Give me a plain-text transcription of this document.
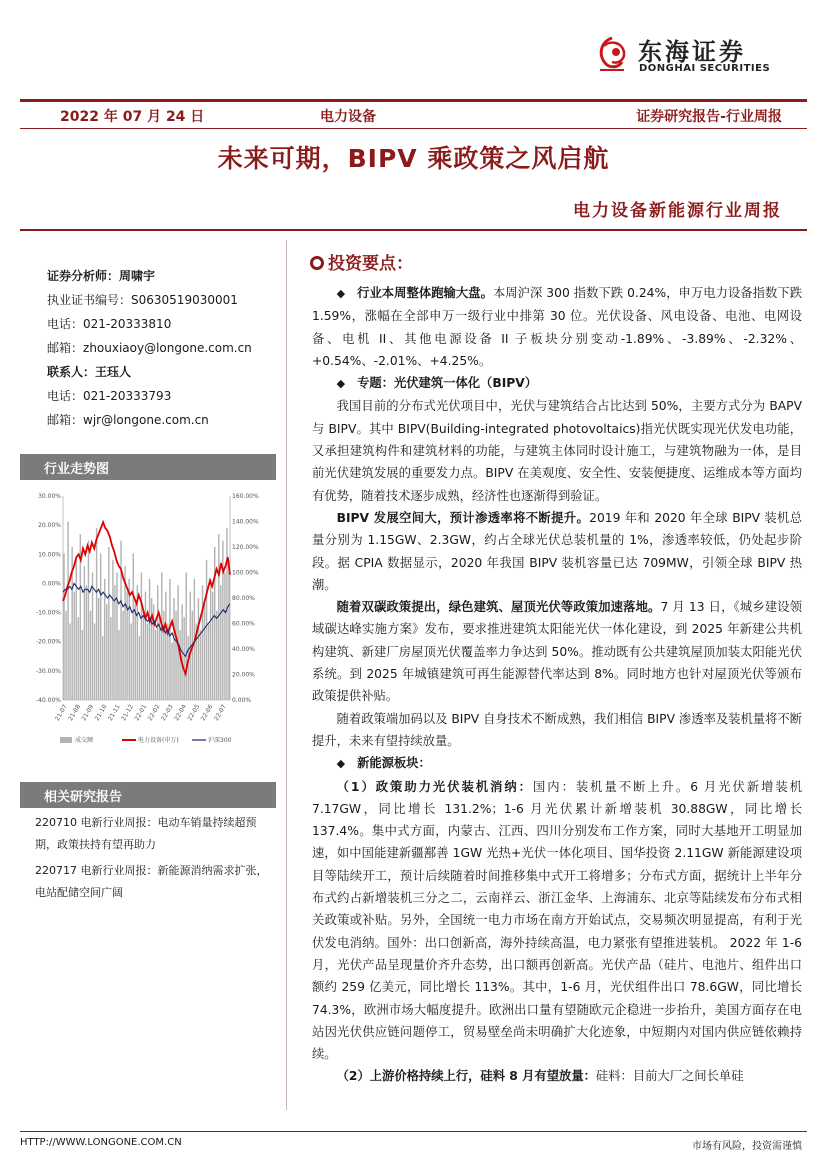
东海证券
DONGHAI SECURITIES
2022 年 07 月 24 日	电力设备	证券研究报告-行业周报
未来可期，BIPV 乘政策之风启航
电力设备新能源行业周报
证券分析师：周啸宇
执业证书编号：S0630519030001
电话：021-20333810
邮箱：zhouxiaoy@longone.com.cn
联系人：王珏人
电话：021-20333793
邮箱：wjr@longone.com.cn
行业走势图
30.00%
20.00%
10.00%
0.00%
-10.00%
-20.00%
-30.00%
-40.00%
160.00%
140.00%
120.00%
100.00%
80.00%
60.00%
40.00%
20.00%
0.00%
21-07
21-08
21-09
21-10
21-11
21-12
22-01
22-02
22-03
22-04
22-05
22-06
22-07
成交额	电力设备(申万)	沪深300
相关研究报告
220710 电新行业周报：电动车销量持续超预期，政策扶持有望再助力
220717 电新行业周报：新能源消纳需求扩张，电站配储空间广阔
投资要点：

◆ 行业本周整体跑输大盘。本周沪深 300 指数下跌 0.24%，申万电力设备指数下跌 1.59%，涨幅在全部申万一级行业中排第 30 位。光伏设备、风电设备、电池、电网设备、电机 II、其他电源设备 II 子板块分别变动-1.89%、-3.89%、-2.32%、+0.54%、-2.01%、+4.25%。

◆ 专题：光伏建筑一体化（BIPV）

我国目前的分布式光伏项目中，光伏与建筑结合占比达到 50%，主要方式分为 BAPV 与 BIPV。其中 BIPV(Building-integrated photovoltaics)指光伏既实现光伏发电功能，又承担建筑构件和建筑材料的功能，与建筑主体同时设计施工，与建筑物融为一体，是目前光伏建筑发展的重要发力点。BIPV 在美观度、安全性、安装便捷度、运维成本等方面均有优势，随着技术逐步成熟，经济性也逐渐得到验证。

BIPV 发展空间大，预计渗透率将不断提升。2019 年和 2020 年全球 BIPV 装机总量分别为 1.15GW、2.3GW，约占全球光伏总装机量的 1%，渗透率较低，仍处起步阶段。据 CPIA 数据显示，2020 年我国 BIPV 装机容量已达 709MW，引领全球 BIPV 热潮。

随着双碳政策提出，绿色建筑、屋顶光伏等政策加速落地。7 月 13 日，《城乡建设领域碳达峰实施方案》发布，要求推进建筑太阳能光伏一体化建设，到 2025 年新建公共机构建筑、新建厂房屋顶光伏覆盖率力争达到 50%。推动既有公共建筑屋顶加装太阳能光伏系统。到 2025 年城镇建筑可再生能源替代率达到 8%。同时地方也针对屋顶光伏等颁布政策提供补贴。

随着政策端加码以及 BIPV 自身技术不断成熟，我们相信 BIPV 渗透率及装机量将不断提升，未来有望持续放量。

◆ 新能源板块：

（1）政策助力光伏装机消纳：国内：装机量不断上升。6 月光伏新增装机 7.17GW，同比增长 131.2%；1-6 月光伏累计新增装机 30.88GW，同比增长 137.4%。集中式方面，内蒙古、江西、四川分别发布工作方案，同时大基地开工明显加速，如中国能建新疆鄯善 1GW 光热+光伏一体化项目、国华投资 2.11GW 新能源建设项目等陆续开工，预计后续随着时间推移集中式开工将增多；分布式方面，据统计上半年分布式约占新增装机三分之二，云南祥云、浙江金华、上海浦东、北京等陆续发布分布式相关政策或补贴。另外，全国统一电力市场在南方开始试点，交易频次明显提高，有利于光伏发电消纳。国外：出口创新高，海外持续高温，电力紧张有望推进装机。 2022 年 1-6 月，光伏产品呈现量价齐升态势，出口额再创新高。光伏产品（硅片、电池片、组件出口额约 259 亿美元，同比增长 113%。其中，1-6 月，光伏组件出口 78.6GW，同比增长 74.3%，欧洲市场大幅度提升。欧洲出口量有望随欧元企稳进一步抬升，美国方面存在电站因光伏供应链问题停工，贸易壁垒尚未明确扩大化迹象，中短期内对国内供应链依赖持续。

（2）上游价格持续上行，硅料 8 月有望放量：硅料：目前大厂之间长单硅

HTTP://WWW.LONGONE.COM.CN	市场有风险，投资需谨慎
